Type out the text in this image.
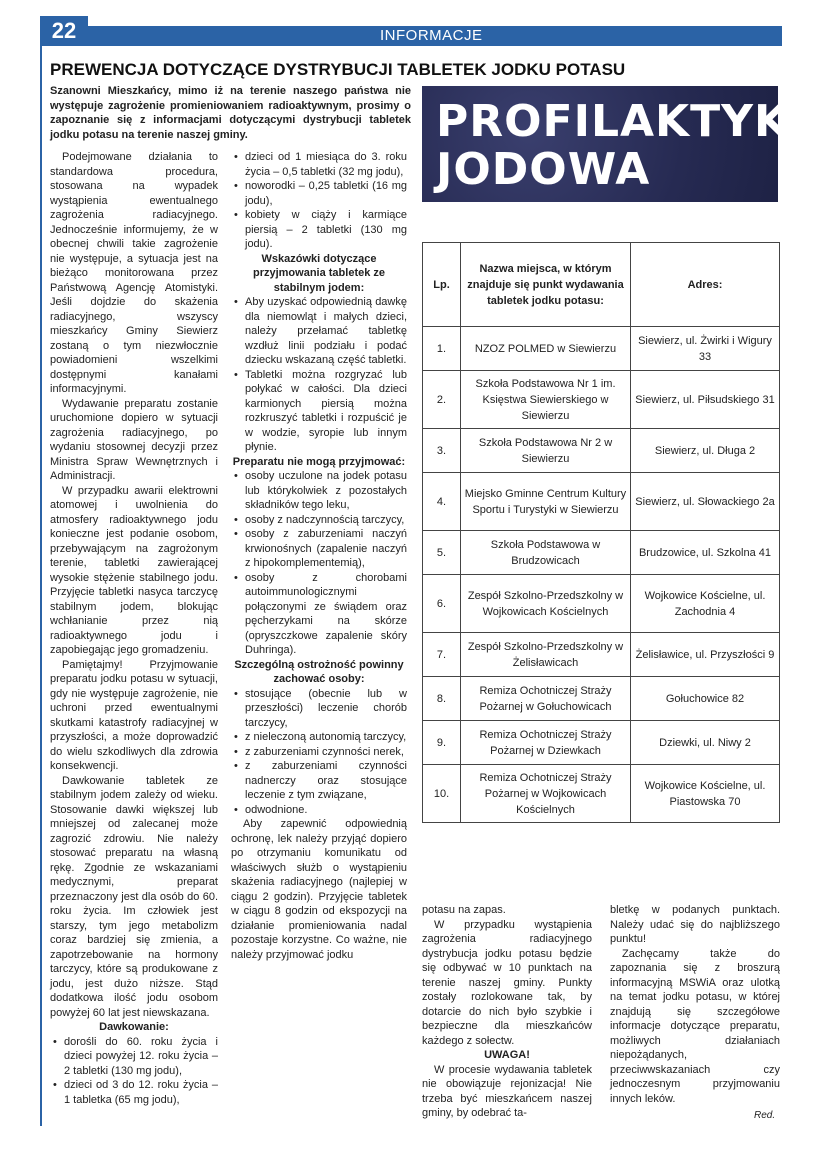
22	INFORMACJE
PREWENCJA DOTYCZĄCE DYSTRYBUCJI TABLETEK JODKU POTASU
Szanowni Mieszkańcy, mimo iż na terenie naszego państwa nie występuje zagrożenie promieniowaniem radioaktywnym, prosimy o zapoznanie się z informacjami dotyczącymi dystrybucji tabletek jodku potasu na terenie naszej gminy.

Podejmowane działania to standardowa procedura, stosowana na wypadek wystąpienia ewentualnego zagrożenia radiacyjnego. Jednocześnie informujemy, że w obecnej chwili takie zagrożenie nie występuje, a sytuacja jest na bieżąco monitorowana przez Państwową Agencję Atomistyki. Jeśli dojdzie do skażenia radiacyjnego, wszyscy mieszkańcy Gminy Siewierz zostaną o tym niezwłocznie powiadomieni wszelkimi dostępnymi kanałami informacyjnymi.

Wydawanie preparatu zostanie uruchomione dopiero w sytuacji zagrożenia radiacyjnego, po wydaniu stosownej decyzji przez Ministra Spraw Wewnętrznych i Administracji.

W przypadku awarii elektrowni atomowej i uwolnienia do atmosfery radioaktywnego jodu konieczne jest podanie osobom, przebywającym na zagrożonym terenie, tabletki zawierającej wysokie stężenie stabilnego jodu. Przyjęcie tabletki nasyca tarczycę stabilnym jodem, blokując wchłanianie przez nią radioaktywnego jodu i zapobiegając jego gromadzeniu.

Pamiętajmy! Przyjmowanie preparatu jodku potasu w sytuacji, gdy nie występuje zagrożenie, nie uchroni przed ewentualnymi skutkami katastrofy radiacyjnej w przyszłości, a może doprowadzić do wielu szkodliwych dla zdrowia konsekwencji.

Dawkowanie tabletek ze stabilnym jodem zależy od wieku. Stosowanie dawki większej lub mniejszej od zalecanej może zagrozić zdrowiu. Nie należy stosować preparatu na własną rękę. Zgodnie ze wskazaniami medycznymi, preparat przeznaczony jest dla osób do 60. roku życia. Im człowiek jest starszy, tym jego metabolizm coraz bardziej się zmienia, a zapotrzebowanie na hormony tarczycy, które są produkowane z jodu, jest dużo niższe. Stąd dodatkowa ilość jodu osobom powyżej 60 lat jest niewskazana.

Dawkowanie:

• dorośli do 60. roku życia i dzieci powyżej 12. roku życia – 2 tabletki (130 mg jodu),
• dzieci od 3 do 12. roku życia – 1 tabletka (65 mg jodu),
• dzieci od 1 miesiąca do 3. roku życia – 0,5 tabletki (32 mg jodu),
• noworodki – 0,25 tabletki (16 mg jodu),
• kobiety w ciąży i karmiące piersią – 2 tabletki (130 mg jodu).

Wskazówki dotyczące przyjmowania tabletek ze stabilnym jodem:

• Aby uzyskać odpowiednią dawkę dla niemowląt i małych dzieci, należy przełamać tabletkę wzdłuż linii podziału i podać dziecku wskazaną część tabletki.
• Tabletki można rozgryzać lub połykać w całości. Dla dzieci karmionych piersią można rozkruszyć tabletki i rozpuścić je w wodzie, syropie lub innym płynie.

Preparatu nie mogą przyjmować:

• osoby uczulone na jodek potasu lub którykolwiek z pozostałych składników tego leku,
• osoby z nadczynnością tarczycy,
• osoby z zaburzeniami naczyń krwionośnych (zapalenie naczyń z hipokomplementemią),
• osoby z chorobami autoimmunologicznymi połączonymi ze świądem oraz pęcherzykami na skórze (opryszczkowe zapalenie skóry Duhringa).

Szczególną ostrożność powinny zachować osoby:

• stosujące (obecnie lub w przeszłości) leczenie chorób tarczycy,
• z nieleczoną autonomią tarczycy,
• z zaburzeniami czynności nerek,
• z zaburzeniami czynności nadnerczy oraz stosujące leczenie z tym związane,
• odwodnione.

Aby zapewnić odpowiednią ochronę, lek należy przyjąć dopiero po otrzymaniu komunikatu od właściwych służb o wystąpieniu skażenia radiacyjnego (najlepiej w ciągu 2 godzin). Przyjęcie tabletek w ciągu 8 godzin od ekspozycji na działanie promieniowania nadal pozostaje korzystne. Co ważne, nie należy przyjmować jodku

PROFILAKTYKA
JODOWA
Lp.	Nazwa miejsca, w którym znajduje się punkt wydawania tabletek jodku potasu:	Adres:
1.	NZOZ POLMED w Siewierzu	Siewierz, ul. Żwirki i Wigury 33
2.	Szkoła Podstawowa Nr 1 im. Księstwa Siewierskiego w Siewierzu	Siewierz, ul. Piłsudskiego 31
3.	Szkoła Podstawowa Nr 2 w Siewierzu	Siewierz, ul. Długa 2
4.	Miejsko Gminne Centrum Kultury Sportu i Turystyki w Siewierzu	Siewierz, ul. Słowackiego 2a
5.	Szkoła Podstawowa w Brudzowicach	Brudzowice, ul. Szkolna 41
6.	Zespół Szkolno-Przedszkolny w Wojkowicach Kościelnych	Wojkowice Kościelne, ul. Zachodnia 4
7.	Zespół Szkolno-Przedszkolny w Żelisławicach	Żelisławice, ul. Przyszłości 9
8.	Remiza Ochotniczej Straży Pożarnej w Gołuchowicach	Gołuchowice 82
9.	Remiza Ochotniczej Straży Pożarnej w Dziewkach	Dziewki, ul. Niwy 2
10.	Remiza Ochotniczej Straży Pożarnej w Wojkowicach Kościelnych	Wojkowice Kościelne, ul. Piastowska 70

potasu na zapas.

W przypadku wystąpienia zagrożenia radiacyjnego dystrybucja jodku potasu będzie się odbywać w 10 punktach na terenie naszej gminy. Punkty zostały rozlokowane tak, by dotarcie do nich było szybkie i bezpieczne dla mieszkańców każdego z sołectw.

UWAGA!

W procesie wydawania tabletek nie obowiązuje rejonizacja! Nie trzeba być mieszkańcem naszej gminy, by odebrać ta-

bletkę w podanych punktach. Należy udać się do najbliższego punktu!

Zachęcamy także do zapoznania się z broszurą informacyjną MSWiA oraz ulotką na temat jodku potasu, w której znajdują się szczegółowe informacje dotyczące preparatu, możliwych działaniach niepożądanych, przeciwwskazaniach czy jednoczesnym przyjmowaniu innych leków.

Red.
